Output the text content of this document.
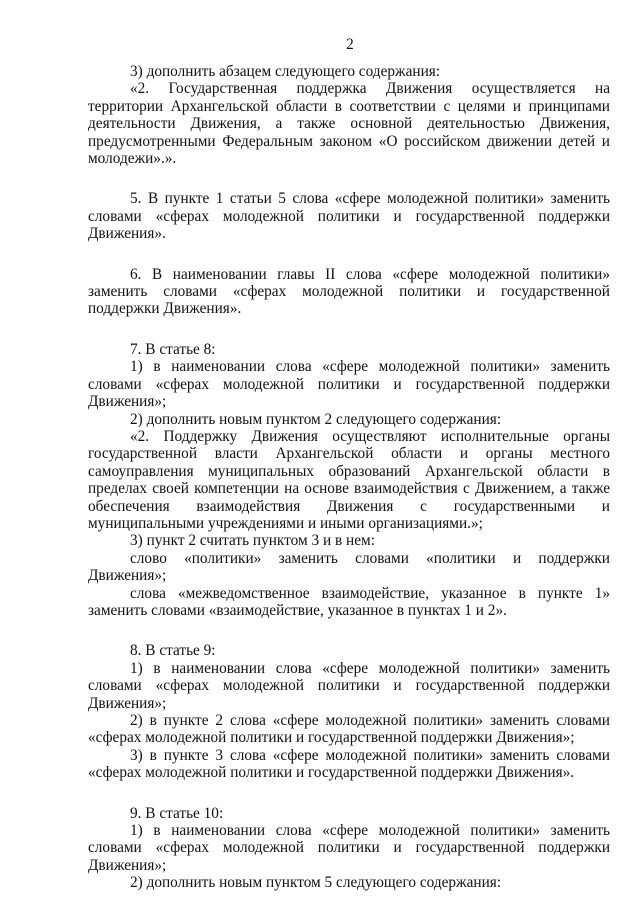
2

3) дополнить абзацем следующего содержания:

«2. Государственная поддержка Движения осуществляется на территории Архангельской области в соответствии с целями и принципами деятельности Движения, а также основной деятельностью Движения, предусмотренными Федеральным законом «О российском движении детей и молодежи».».

5. В пункте 1 статьи 5 слова «сфере молодежной политики» заменить словами «сферах молодежной политики и государственной поддержки Движения».

6. В наименовании главы II слова «сфере молодежной политики» заменить словами «сферах молодежной политики и государственной поддержки Движения».

7. В статье 8:

1) в наименовании слова «сфере молодежной политики» заменить словами «сферах молодежной политики и государственной поддержки Движения»;

2) дополнить новым пунктом 2 следующего содержания:

«2. Поддержку Движения осуществляют исполнительные органы государственной власти Архангельской области и органы местного самоуправления муниципальных образований Архангельской области в пределах своей компетенции на основе взаимодействия с Движением, а также обеспечения взаимодействия Движения с государственными и муниципальными учреждениями и иными организациями.»;

3) пункт 2 считать пунктом 3 и в нем:

слово «политики» заменить словами «политики и поддержки Движения»;

слова «межведомственное взаимодействие, указанное в пункте 1» заменить словами «взаимодействие, указанное в пунктах 1 и 2».

8. В статье 9:

1) в наименовании слова «сфере молодежной политики» заменить словами «сферах молодежной политики и государственной поддержки Движения»;

2) в пункте 2 слова «сфере молодежной политики» заменить словами «сферах молодежной политики и государственной поддержки Движения»;

3) в пункте 3 слова «сфере молодежной политики» заменить словами «сферах молодежной политики и государственной поддержки Движения».

9. В статье 10:

1) в наименовании слова «сфере молодежной политики» заменить словами «сферах молодежной политики и государственной поддержки Движения»;

2) дополнить новым пунктом 5 следующего содержания:
